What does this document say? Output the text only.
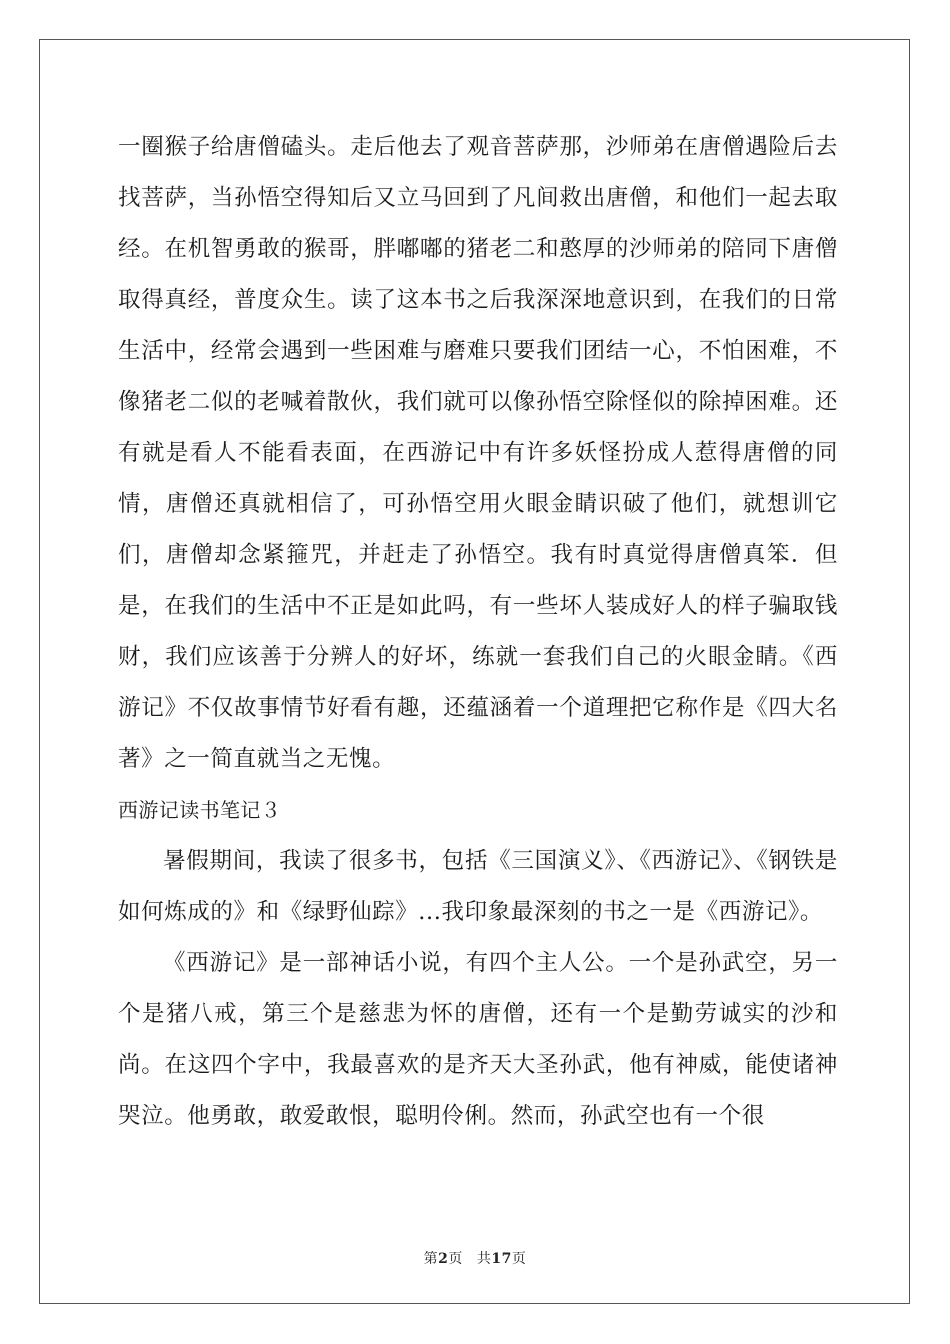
一圈猴子给唐僧磕头。走后他去了观音菩萨那，沙师弟在唐僧遇险后去找菩萨，当孙悟空得知后又立马回到了凡间救出唐僧，和他们一起去取经。在机智勇敢的猴哥，胖嘟嘟的猪老二和憨厚的沙师弟的陪同下唐僧取得真经，普度众生。读了这本书之后我深深地意识到，在我们的日常生活中，经常会遇到一些困难与磨难只要我们团结一心，不怕困难，不像猪老二似的老喊着散伙，我们就可以像孙悟空除怪似的除掉困难。还有就是看人不能看表面，在西游记中有许多妖怪扮成人惹得唐僧的同情，唐僧还真就相信了，可孙悟空用火眼金睛识破了他们，就想训它们，唐僧却念紧箍咒，并赶走了孙悟空。我有时真觉得唐僧真笨．但是，在我们的生活中不正是如此吗，有一些坏人装成好人的样子骗取钱财，我们应该善于分辨人的好坏，练就一套我们自己的火眼金睛。《西游记》不仅故事情节好看有趣，还蕴涵着一个道理把它称作是《四大名著》之一简直就当之无愧。

西游记读书笔记３

暑假期间，我读了很多书，包括《三国演义》、《西游记》、《钢铁是如何炼成的》和《绿野仙踪》...我印象最深刻的书之一是《西游记》。

《西游记》是一部神话小说，有四个主人公。一个是孙武空，另一个是猪八戒，第三个是慈悲为怀的唐僧，还有一个是勤劳诚实的沙和尚。在这四个字中，我最喜欢的是齐天大圣孙武，他有神威，能使诸神哭泣。他勇敢，敢爱敢恨，聪明伶俐。然而，孙武空也有一个很

第2页 共17页
